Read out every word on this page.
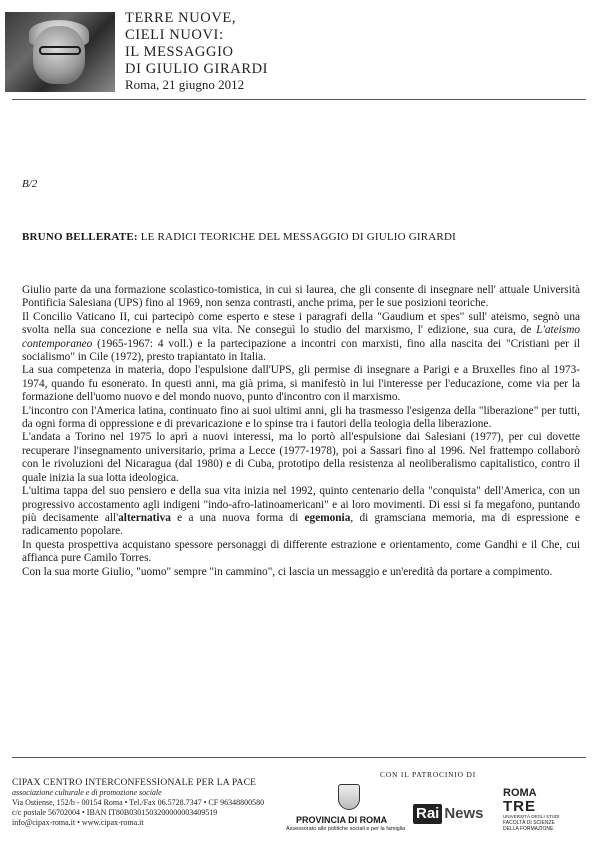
TERRE NUOVE,
CIELI NUOVI:
IL MESSAGGIO
DI GIULIO GIRARDI
Roma, 21 giugno 2012
B/2
BRUNO BELLERATE: LE RADICI TEORICHE DEL MESSAGGIO DI GIULIO GIRARDI

Giulio parte da una formazione scolastico-tomistica, in cui si laurea, che gli consente di insegnare nell' attuale Università Pontificia Salesiana (UPS) fino al 1969, non senza contrasti, anche prima, per le sue posizioni teoriche.

Il Concilio Vaticano II, cui partecipò come esperto e stese i paragrafi della "Gaudium et spes" sull' ateismo, segnò una svolta nella sua concezione e nella sua vita. Ne conseguì lo studio del marxismo, l' edizione, sua cura, de L'ateismo contemporaneo (1965-1967: 4 voll.) e la partecipazione a incontri con marxisti, fino alla nascita dei "Cristiani per il socialismo" in Cile (1972), presto trapiantato in Italia.

La sua competenza in materia, dopo l'espulsione dall'UPS, gli permise di insegnare a Parigi e a Bruxelles fino al 1973-1974, quando fu esonerato. In questi anni, ma già prima, si manifestò in lui l'interesse per l'educazione, come via per la formazione dell'uomo nuovo e del mondo nuovo, punto d'incontro con il marxismo.

L'incontro con l'America latina, continuato fino ai suoi ultimi anni, gli ha trasmesso l'esigenza della "liberazione" per tutti, da ogni forma di oppressione e di prevaricazione e lo spinse tra i fautori della teologia della liberazione.

L'andata a Torino nel 1975 lo aprì a nuovi interessi, ma lo portò all'espulsione dai Salesiani (1977), per cui dovette recuperare l'insegnamento universitario, prima a Lecce (1977-1978), poi a Sassari fino al 1996. Nel frattempo collaborò con le rivoluzioni del Nicaragua (dal 1980) e di Cuba, prototipo della resistenza al neoliberalismo capitalistico, contro il quale inizia la sua lotta ideologica.

L'ultima tappa del suo pensiero e della sua vita inizia nel 1992, quinto centenario della "conquista" dell'America, con un progressivo accostamento agli indigeni "indo-afro-latinoamericani" e ai loro movimenti. Di essi si fa megafono, puntando più decisamente all'alternativa e a una nuova forma di egemonia, di gramsciana memoria, ma di espressione e radicamento popolare.

In questa prospettiva acquistano spessore personaggi di differente estrazione e orientamento, come Gandhi e il Che, cui affianca pure Camilo Torres.

Con la sua morte Giulio, "uomo" sempre "in cammino", ci lascia un messaggio e un'eredità da portare a compimento.

CIPAX CENTRO INTERCONFESSIONALE PER LA PACE
associazione culturale e di promozione sociale
Via Ostiense, 152/b - 00154 Roma • Tel./Fax 06.5728.7347 • CF 96348800580
c/c postale 56702004 • IBAN IT80B0301503200000003409519
info@cipax-roma.it • www.cipax-roma.it
CON IL PATROCINIO DI
PROVINCIA DI ROMA
Assessorato alle politiche sociali e per la famiglia
Rai News
ROMA
TRE
UNIVERSITÀ DEGLI STUDI
FACOLTÀ DI SCIENZE DELLA FORMAZIONE
